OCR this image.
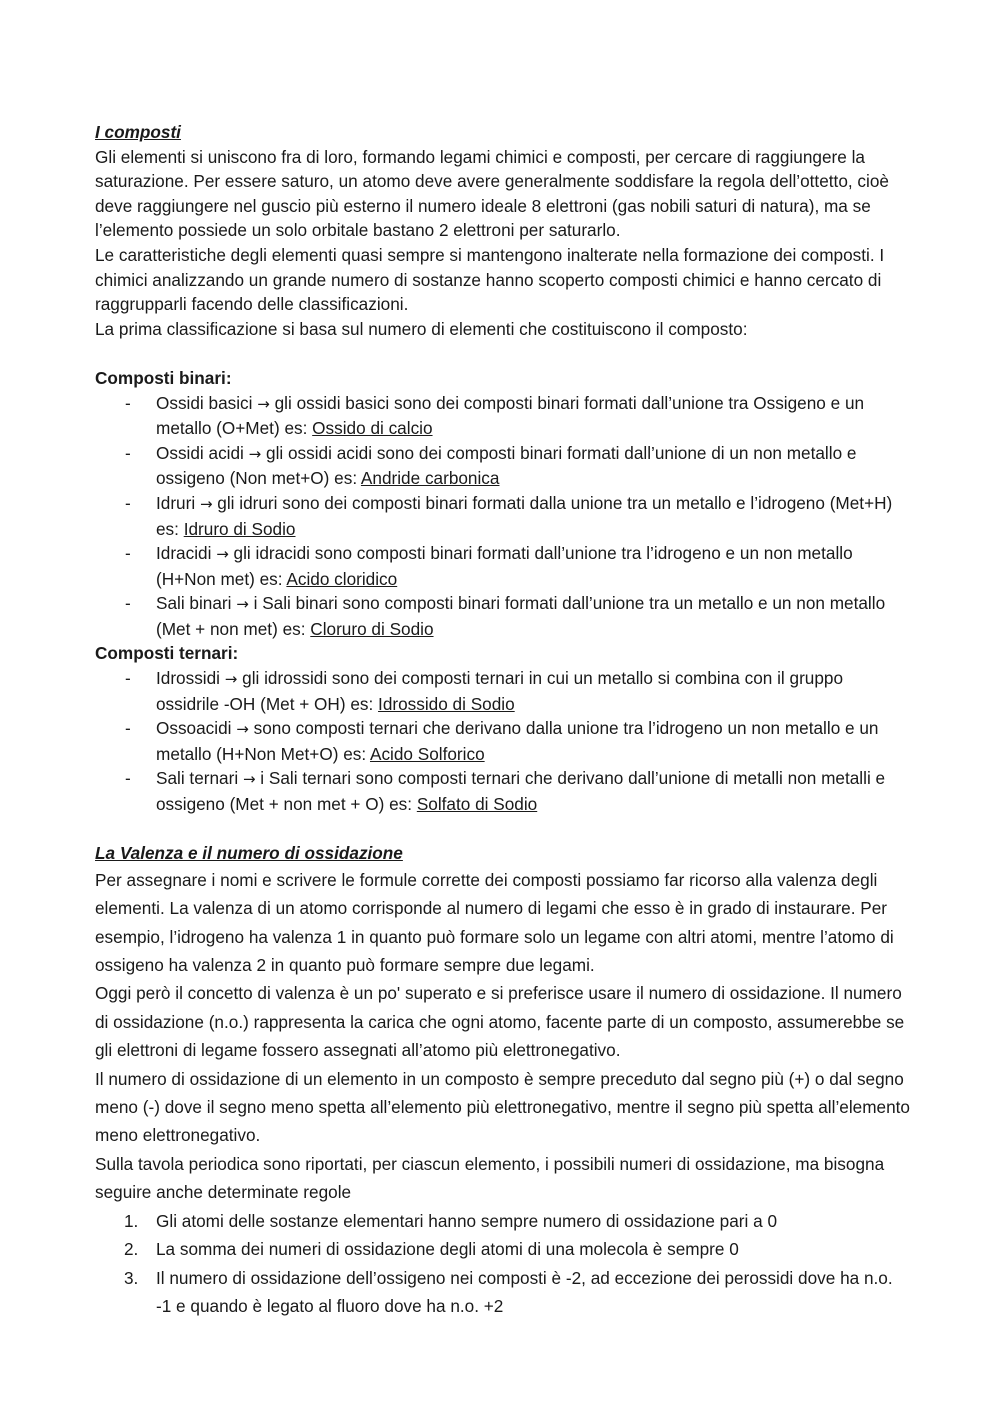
I composti

Gli elementi si uniscono fra di loro, formando legami chimici e composti, per cercare di raggiungere la saturazione. Per essere saturo, un atomo deve avere generalmente soddisfare la regola dell’ottetto, cioè deve raggiungere nel guscio più esterno il numero ideale 8 elettroni (gas nobili saturi di natura), ma se l’elemento possiede un solo orbitale bastano 2 elettroni per saturarlo.

Le caratteristiche degli elementi quasi sempre si mantengono inalterate nella formazione dei composti. I chimici analizzando un grande numero di sostanze hanno scoperto composti chimici e hanno cercato di raggrupparli facendo delle classificazioni.

La prima classificazione si basa sul numero di elementi che costituiscono il composto:

Composti binari:
- Ossidi basici → gli ossidi basici sono dei composti binari formati dall’unione tra Ossigeno e un metallo (O+Met) es: Ossido di calcio
- Ossidi acidi → gli ossidi acidi sono dei composti binari formati dall’unione di un non metallo e ossigeno (Non met+O) es: Andride carbonica
- Idruri → gli idruri sono dei composti binari formati dalla unione tra un metallo e l’idrogeno (Met+H) es: Idruro di Sodio
- Idracidi → gli idracidi sono composti binari formati dall’unione tra l’idrogeno e un non metallo (H+Non met) es: Acido cloridico
- Sali binari → i Sali binari sono composti binari formati dall’unione tra un metallo e un non metallo (Met + non met) es: Cloruro di Sodio
Composti ternari:
- Idrossidi → gli idrossidi sono dei composti ternari in cui un metallo si combina con il gruppo ossidrile -OH (Met + OH) es: Idrossido di Sodio
- Ossoacidi → sono composti ternari che derivano dalla unione tra l’idrogeno un non metallo e un metallo (H+Non Met+O) es: Acido Solforico
- Sali ternari → i Sali ternari sono composti ternari che derivano dall’unione di metalli non metalli e ossigeno (Met + non met + O) es: Solfato di Sodio
La Valenza e il numero di ossidazione

Per assegnare i nomi e scrivere le formule corrette dei composti possiamo far ricorso alla valenza degli elementi. La valenza di un atomo corrisponde al numero di legami che esso è in grado di instaurare. Per esempio, l’idrogeno ha valenza 1 in quanto può formare solo un legame con altri atomi, mentre l’atomo di ossigeno ha valenza 2 in quanto può formare sempre due legami.

Oggi però il concetto di valenza è un po' superato e si preferisce usare il numero di ossidazione. Il numero di ossidazione (n.o.) rappresenta la carica che ogni atomo, facente parte di un composto, assumerebbe se gli elettroni di legame fossero assegnati all’atomo più elettronegativo.

Il numero di ossidazione di un elemento in un composto è sempre preceduto dal segno più (+) o dal segno meno (-) dove il segno meno spetta all’elemento più elettronegativo, mentre il segno più spetta all’elemento meno elettronegativo.

Sulla tavola periodica sono riportati, per ciascun elemento, i possibili numeri di ossidazione, ma bisogna seguire anche determinate regole

1. Gli atomi delle sostanze elementari hanno sempre numero di ossidazione pari a 0
2. La somma dei numeri di ossidazione degli atomi di una molecola è sempre 0
3. Il numero di ossidazione dell’ossigeno nei composti è -2, ad eccezione dei perossidi dove ha n.o. -1 e quando è legato al fluoro dove ha n.o. +2
